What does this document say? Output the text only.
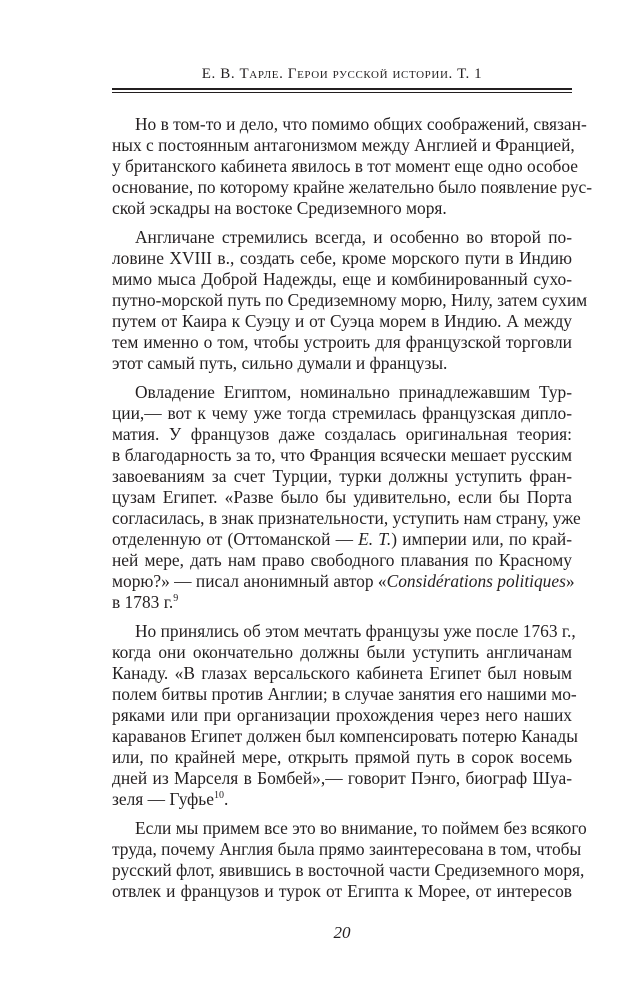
Е. В. Тарле. Герои русской истории. Т. 1
Но в том-то и дело, что помимо общих соображений, связан-
ных с постоянным антагонизмом между Англией и Францией,
у британского кабинета явилось в тот момент еще одно особое
основание, по которому крайне желательно было появление рус-
ской эскадры на востоке Средиземного моря.
Англичане стремились всегда, и особенно во второй по-
ловине XVIII в., создать себе, кроме морского пути в Индию
мимо мыса Доброй Надежды, еще и комбинированный сухо-
путно-морской путь по Средиземному морю, Нилу, затем сухим
путем от Каира к Суэцу и от Суэца морем в Индию. А между
тем именно о том, чтобы устроить для французской торговли
этот самый путь, сильно думали и французы.
Овладение Египтом, номинально принадлежавшим Тур-
ции,— вот к чему уже тогда стремилась французская дипло-
матия. У французов даже создалась оригинальная теория:
в благодарность за то, что Франция всячески мешает русским
завоеваниям за счет Турции, турки должны уступить фран-
цузам Египет. «Разве было бы удивительно, если бы Порта
согласилась, в знак признательности, уступить нам страну, уже
отделенную от (Оттоманской — Е. Т.) империи или, по край-
ней мере, дать нам право свободного плавания по Красному
морю?» — писал анонимный автор «Considérations politiques»
в 1783 г.$^9$
Но принялись об этом мечтать французы уже после 1763 г.,
когда они окончательно должны были уступить англичанам
Канаду. «В глазах версальского кабинета Египет был новым
полем битвы против Англии; в случае занятия его нашими мо-
ряками или при организации прохождения через него наших
караванов Египет должен был компенсировать потерю Канады
или, по крайней мере, открыть прямой путь в сорок восемь
дней из Марселя в Бомбей»,— говорит Пэнго, биограф Шуа-
зеля — Гуфье$^{10}$.
Если мы примем все это во внимание, то поймем без всякого
труда, почему Англия была прямо заинтересована в том, чтобы
русский флот, явившись в восточной части Средиземного моря,
отвлек и французов и турок от Египта к Морее, от интересов
20
